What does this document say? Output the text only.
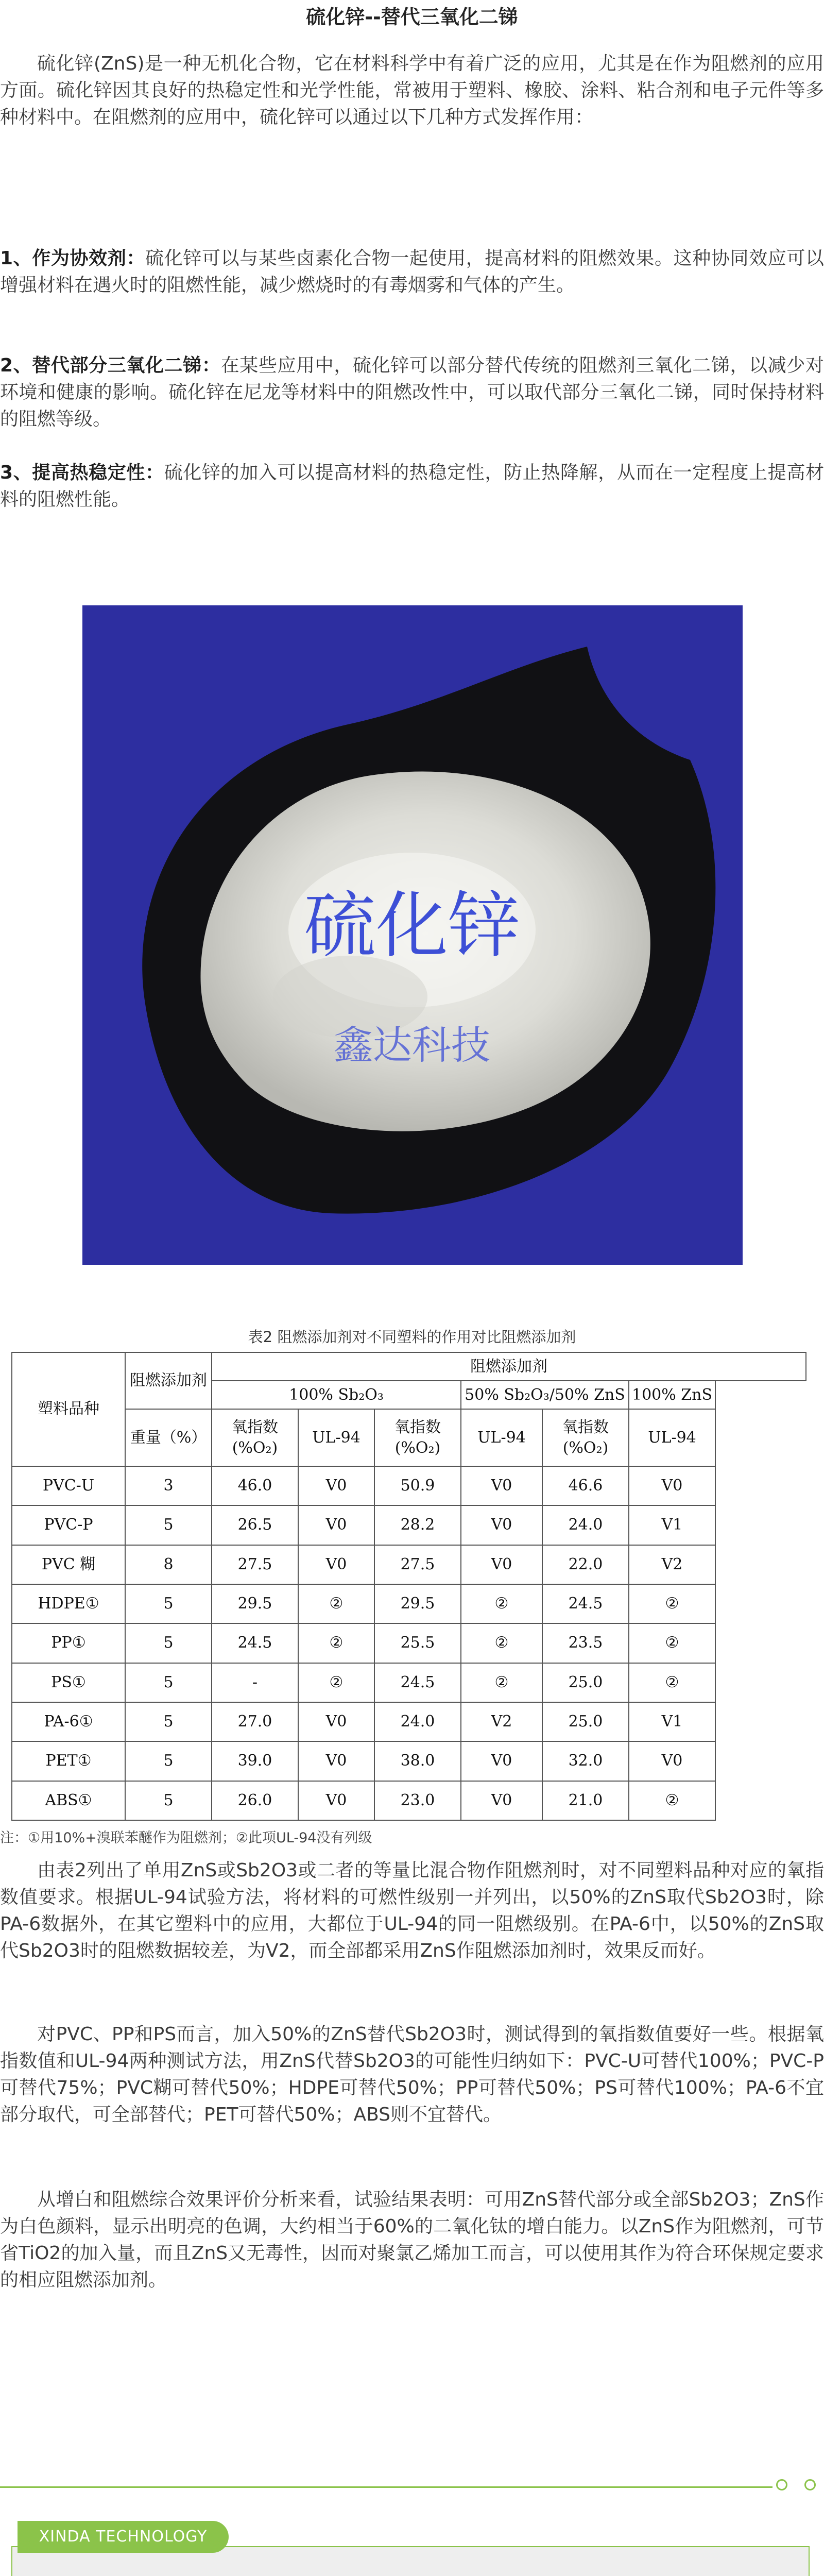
硫化锌--替代三氧化二锑

硫化锌(ZnS)是一种无机化合物，它在材料科学中有着广泛的应用，尤其是在作为阻燃剂的应用方面。硫化锌因其良好的热稳定性和光学性能，常被用于塑料、橡胶、涂料、粘合剂和电子元件等多种材料中。在阻燃剂的应用中，硫化锌可以通过以下几种方式发挥作用：

1、作为协效剂：硫化锌可以与某些卤素化合物一起使用，提高材料的阻燃效果。这种协同效应可以增强材料在遇火时的阻燃性能，减少燃烧时的有毒烟雾和气体的产生。

2、替代部分三氧化二锑：在某些应用中，硫化锌可以部分替代传统的阻燃剂三氧化二锑，以减少对环境和健康的影响。硫化锌在尼龙等材料中的阻燃改性中，可以取代部分三氧化二锑，同时保持材料的阻燃等级。

3、提高热稳定性：硫化锌的加入可以提高材料的热稳定性，防止热降解，从而在一定程度上提高材料的阻燃性能。

硫化锌
鑫达科技
表2 阻燃添加剂对不同塑料的作用对比阻燃添加剂
塑料品种	阻燃添加剂	阻燃添加剂					
		100% Sb₂O₃			50% Sb₂O₃/50% ZnS		100% ZnS
	重量（%）	氧指数(%O₂)	UL-94	氧指数(%O₂)	UL-94	氧指数(%O₂)	UL-94
PVC-U	3	46.0	V0	50.9	V0	46.6	V0
PVC-P	5	26.5	V0	28.2	V0	24.0	V1
PVC 糊	8	27.5	V0	27.5	V0	22.0	V2
HDPE①	5	29.5	②	29.5	②	24.5	②
PP①	5	24.5	②	25.5	②	23.5	②
PS①	5	-	②	24.5	②	25.0	②
PA-6①	5	27.0	V0	24.0	V2	25.0	V1
PET①	5	39.0	V0	38.0	V0	32.0	V0
ABS①	5	26.0	V0	23.0	V0	21.0	②
注：①用10%+溴联苯醚作为阻燃剂；②此项UL-94没有列级

由表2列出了单用ZnS或Sb2O3或二者的等量比混合物作阻燃剂时，对不同塑料品种对应的氧指数值要求。根据UL-94试验方法，将材料的可燃性级别一并列出，以50%的ZnS取代Sb2O3时，除PA-6数据外，在其它塑料中的应用，大都位于UL-94的同一阻燃级别。在PA-6中，以50%的ZnS取代Sb2O3时的阻燃数据较差，为V2，而全部都采用ZnS作阻燃添加剂时，效果反而好。

对PVC、PP和PS而言，加入50%的ZnS替代Sb2O3时，测试得到的氧指数值要好一些。根据氧指数值和UL-94两种测试方法，用ZnS代替Sb2O3的可能性归纳如下：PVC-U可替代100%；PVC-P可替代75%；PVC糊可替代50%；HDPE可替代50%；PP可替代50%；PS可替代100%；PA-6不宜部分取代，可全部替代；PET可替代50%；ABS则不宜替代。

从增白和阻燃综合效果评价分析来看，试验结果表明：可用ZnS替代部分或全部Sb2O3；ZnS作为白色颜料，显示出明亮的色调，大约相当于60%的二氧化钛的增白能力。以ZnS作为阻燃剂，可节省TiO2的加入量，而且ZnS又无毒性，因而对聚氯乙烯加工而言，可以使用其作为符合环保规定要求的相应阻燃添加剂。

XINDA TECHNOLOGY
